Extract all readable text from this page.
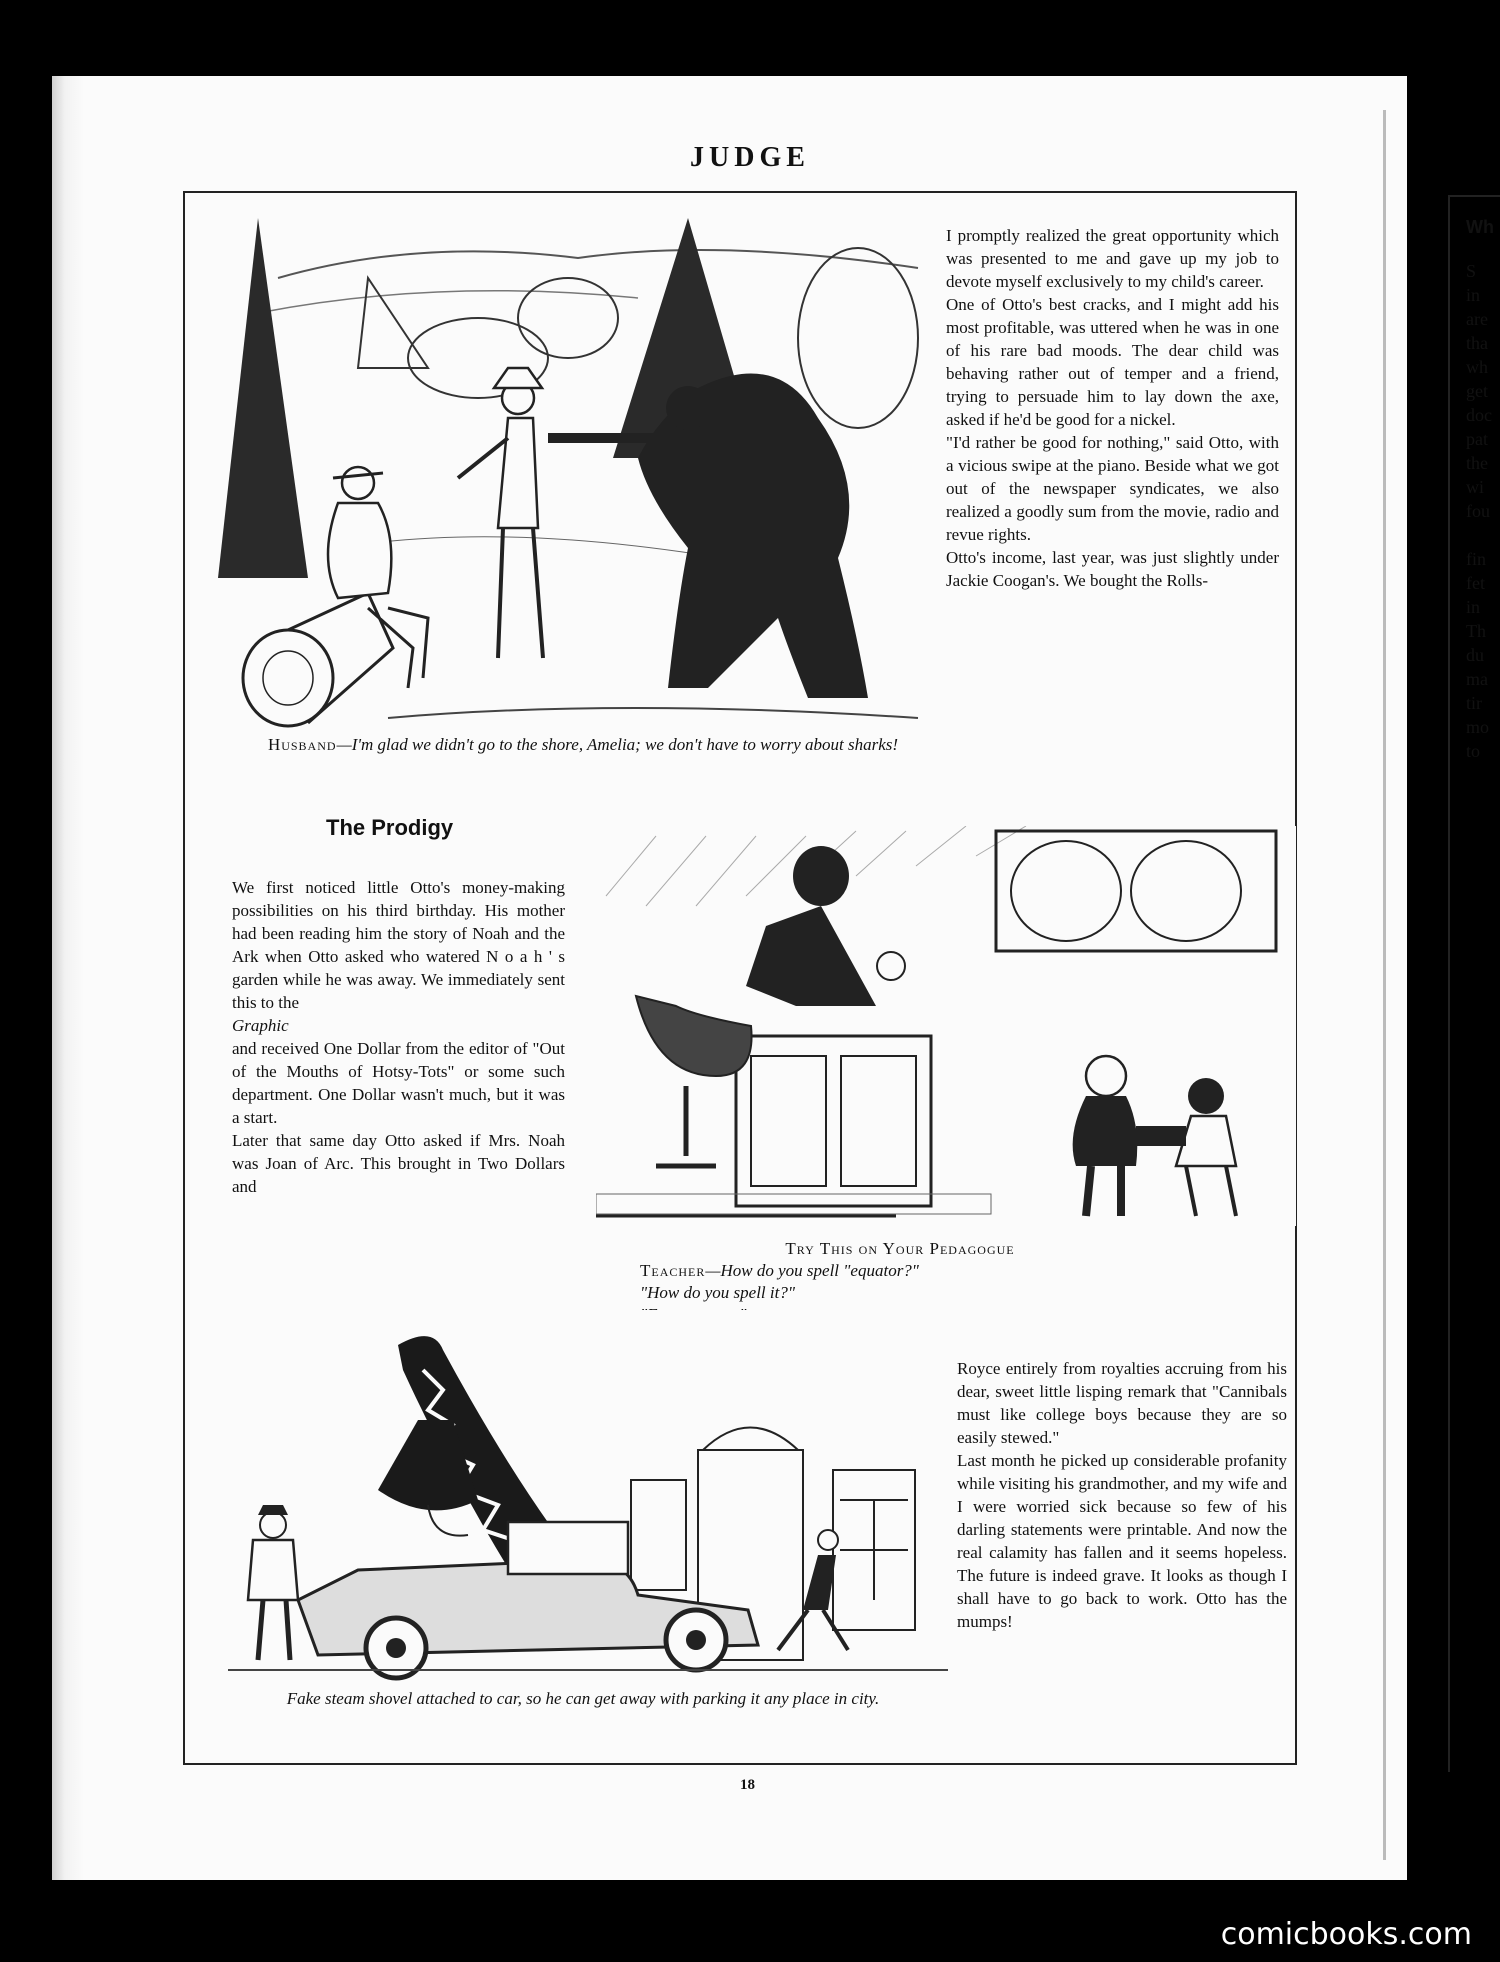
JUDGE
Husband—I'm glad we didn't go to the shore, Amelia; we don't have to worry about sharks!
I promptly realized the great opportunity which was presented to me and gave up my job to devote myself exclusively to my child's career.
One of Otto's best cracks, and I might add his most profitable, was uttered when he was in one of his rare bad moods. The dear child was behaving rather out of temper and a friend, trying to persuade him to lay down the axe, asked if he'd be good for a nickel.
"I'd rather be good for nothing," said Otto, with a vicious swipe at the piano. Beside what we got out of the newspaper syndicates, we also realized a goodly sum from the movie, radio and revue rights.
Otto's income, last year, was just slightly under Jackie Coogan's. We bought the Rolls-
The Prodigy

We first noticed little Otto's money-making possibilities on his third birthday. His mother had been reading him the story of Noah and the Ark when Otto asked who watered N o a h ' s garden while he was away. We immediately sent this to the
Graphic
and received One Dollar from the editor of "Out of the Mouths of Hotsy-Tots" or some such department. One Dollar wasn't much, but it was a start.
Later that same day Otto asked if Mrs. Noah was Joan of Arc. This brought in Two Dollars and

Try This on Your Pedagogue
Teacher—How do you spell "equator?"
"How do you spell it?"
Fake steam shovel attached to car, so he can get away with parking it any place in city.
Royce entirely from royalties accruing from his dear, sweet little lisping remark that "Cannibals must like college boys because they are so easily stewed."
Last month he picked up considerable profanity while visiting his grandmother, and my wife and I were worried sick because so few of his darling statements were printable. And now the real calamity has fallen and it seems hopeless. The future is indeed grave. It looks as though I shall have to go back to work. Otto has the mumps!
18
Wh
S
in
are
tha
wh
get
doc
pat
the
wi
fou

fin
fet
in
Th
du
ma
tir
mo
to
comicbooks.com
